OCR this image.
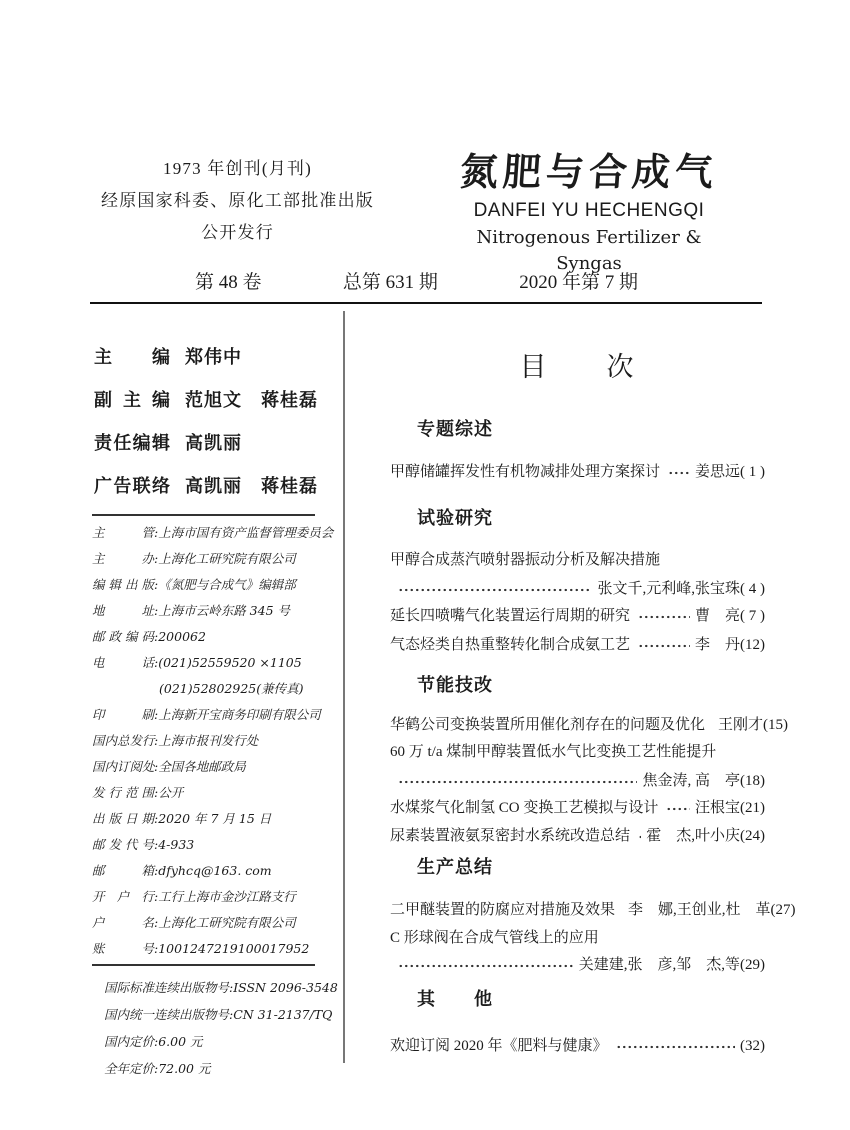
1973 年创刊(月刊)
经原国家科委、原化工部批准出版
公开发行
氮肥与合成气
DANFEI YU HECHENGQI
Nitrogenous Fertilizer & Syngas
第 48 卷	总第 631 期	2020 年第 7 期
主编 郑伟中
副主编 范旭文　蒋桂磊
责任编辑 高凯丽
广告联络 高凯丽　蒋桂磊
主管 :上海市国有资产监督管理委员会
主办 :上海化工研究院有限公司
编辑出版 :《氮肥与合成气》编辑部
地址 :上海市云岭东路 345 号
邮政编码 :200062
电话 :(021)52559520 ×1105
(021)52802925(兼传真)
印刷 :上海新开宝商务印刷有限公司
国内总发行 :上海市报刊发行处
国内订阅处 :全国各地邮政局
发行范围 :公开
出版日期 :2020 年 7 月 15 日
邮发代号 :4-933
邮箱 :dfyhcq@163. com
开户行 :工行上海市金沙江路支行
户名 :上海化工研究院有限公司
账号 :1001247219100017952
国际标准连续出版物号:ISSN 2096-3548
国内统一连续出版物号:CN 31-2137/TQ
国内定价:6.00 元
全年定价:72.00 元
目　　次
专题综述
甲醇储罐挥发性有机物减排处理方案探讨 姜思远 ( 1 )
试验研究
甲醇合成蒸汽喷射器振动分析及解决措施
张文千,元利峰,张宝珠 ( 4 )
延长四喷嘴气化装置运行周期的研究	曹　亮 ( 7 )
气态烃类自热重整转化制合成氨工艺	李　丹 (12)
节能技改
华鹤公司变换装置所用催化剂存在的问题及优化 王刚才 (15)
60 万 t/a 煤制甲醇装置低水气比变换工艺性能提升
焦金涛, 高　亭 (18)
水煤浆气化制氢 CO 变换工艺模拟与设计 汪根宝 (21)
尿素装置液氨泵密封水系统改造总结 霍　杰,叶小庆 (24)
生产总结
二甲醚装置的防腐应对措施及效果 李　娜,王创业,杜　革 (27)
C 形球阀在合成气管线上的应用
关建建,张　彦,邹　杰,等 (29)
其　　他
欢迎订阅 2020 年《肥料与健康》	(32)
